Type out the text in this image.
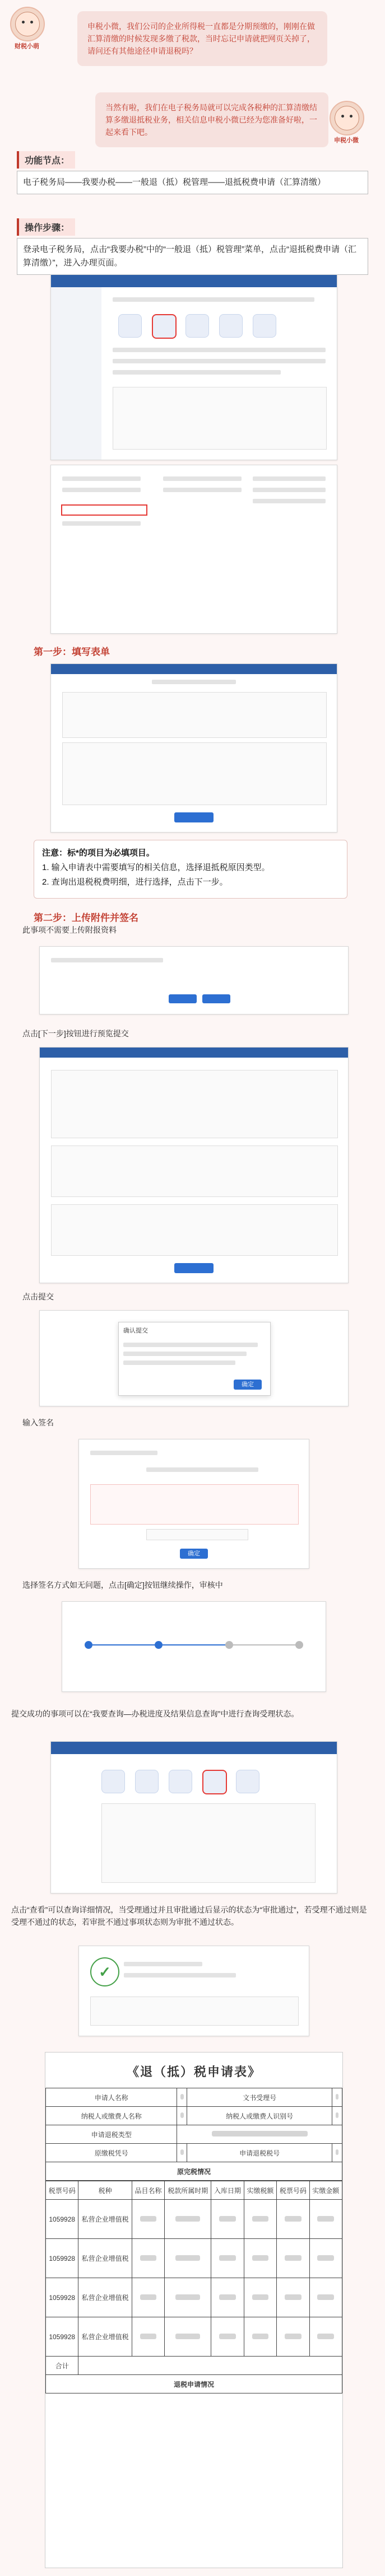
财税小萌
申税小微，我们公司的企业所得税一直都是分期预缴的，刚刚在做汇算清缴的时候发现多缴了税款，当时忘记申请就把网页关掉了，请问还有其他途径申请退税吗？
当然有啦，我们在电子税务局就可以完成各税种的汇算清缴结算多缴退抵税业务，相关信息申税小微已经为您准备好啦，一起来看下吧。
申税小微
功能节点：
电子税务局——我要办税——一般退（抵）税管理——退抵税费申请（汇算清缴）
操作步骤：
登录电子税务局，点击“我要办税”中的“一般退（抵）税管理”菜单，点击“退抵税费申请（汇算清缴）”，进入办理页面。
第一步：填写表单
注意：标*的项目为必填项目。
1. 输入申请表中需要填写的相关信息，选择退抵税原因类型。
2. 查询出退税税费明细，进行选择，点击下一步。
第二步：上传附件并签名
此事项不需要上传附报资料
点击[下一步]按钮进行预览提交
点击提交
确认提交
确定
输入签名
确定
选择签名方式如无问题，点击[确定]按钮继续操作，审核中
提交成功的事项可以在“我要查询—办税进度及结果信息查询”中进行查询受理状态。
点击“查看”可以查询详细情况，当受理通过并且审批通过后显示的状态为“审批通过”，若受理不通过则是受理不通过的状态，若审批不通过事项状态则为审批不通过状态。
✓
《退（抵）税申请表》
申请人名称		文书受理号	
纳税人或缴费人名称		纳税人或缴费人识别号	
申请退税类型			
原缴税凭号		申请退税税号	
原完税情况			
税票号码	税种	品目名称	税款所属时期	入库日期	实缴税额	税票号码	实缴金额
1059928	私营企业增值税						
1059928	私营企业增值税						
1059928	私营企业增值税						
1059928	私营企业增值税						
合计							
退税申请情况							
